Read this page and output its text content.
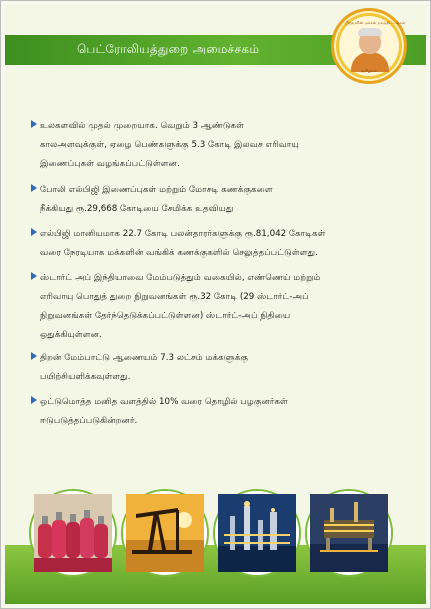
பெட்ரோலியத்துறை அமைச்சகம்
பிரதமரின் மக்கள் நலத்திட்டங்கள்
தமிழகம்
உலகளவில் முதல் முறையாக. வெறும் 3 ஆண்டுகள்
காலஅளவுக்குள், ஏழை பெண்களுக்கு 5.3 கோடி இலவச எரிவாயு
இணைப்புகள் வழங்கப்பட்டுள்ளன.
போலி எல்பிஜி இணைப்புகள் மற்றும் மோசடி கணக்குகளை
நீக்கியது ரூ.29,668 கோடியை சேமிக்க உதவியது
எல்பிஜி மானியமாக 22.7 கோடி பலன்தாரர்களுக்கு ரூ.81,042 கோடிகள்
வரை நேரடியாக மக்களின் வங்கிக் கணக்குகளில் செலுத்தப்பட்டுள்ளது.
ஸ்டார்ட் அப் இந்தியாவை மேம்படுத்தும் வகையில், எண்ணெய் மற்றும்
எரிவாயு பொதுத் துறை நிறுவனங்கள் ரூ.32 கோடி (29 ஸ்டார்ட்-அப்
நிறுவனங்கள் தேர்ந்தெடுக்கப்பட்டுள்ளன) ஸ்டார்ட்-அப் நிதியை
ஒதுக்கியுள்ளன.
திறன் மேம்பாட்டு ஆணையம் 7.3 லட்சம் மக்களுக்கு
பயிற்சியளிக்கவுள்ளது.
ஒட்டுமொத்த மனித வளத்தில் 10% வரை தொழில் பழகுனர்கள்
ஈடுபடுத்தப்படுகின்றனர்.
